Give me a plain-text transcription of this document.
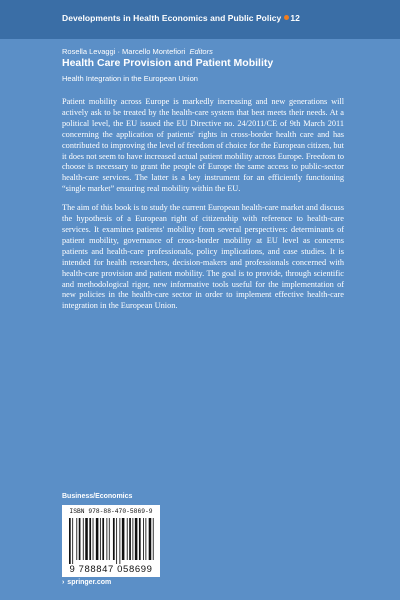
Developments in Health Economics and Public Policy 12
Rosella Levaggi · Marcello Montefiori Editors
Health Care Provision and Patient Mobility
Health Integration in the European Union

Patient mobility across Europe is markedly increasing and new generations will actively ask to be treated by the health-care system that best meets their needs. At a political level, the EU issued the EU Directive no. 24/2011/CE of 9th March 2011 concerning the application of patients' rights in cross-border health care and has contributed to improving the level of freedom of choice for the European citizen, but it does not seem to have increased actual patient mobility across Europe. Freedom to choose is necessary to grant the people of Europe the same access to public-sector health-care services. The latter is a key instrument for an efficiently functioning “single market” ensuring real mobility within the EU.

The aim of this book is to study the current European health-care market and discuss the hypothesis of a European right of citizenship with reference to health-care services. It examines patients' mobility from several perspectives: determinants of patient mobility, governance of cross-border mobility at EU level as concerns patients and health-care professionals, policy implications, and case studies. It is intended for health researchers, decision-makers and professionals concerned with health-care provision and patient mobility. The goal is to provide, through scientific and methodological rigor, new informative tools useful for the implementation of new policies in the health-care sector in order to implement effective health-care integration in the European Union.

Business/Economics
ISBN 978-88-470-5869-9
9 788847 058699
› springer.com
